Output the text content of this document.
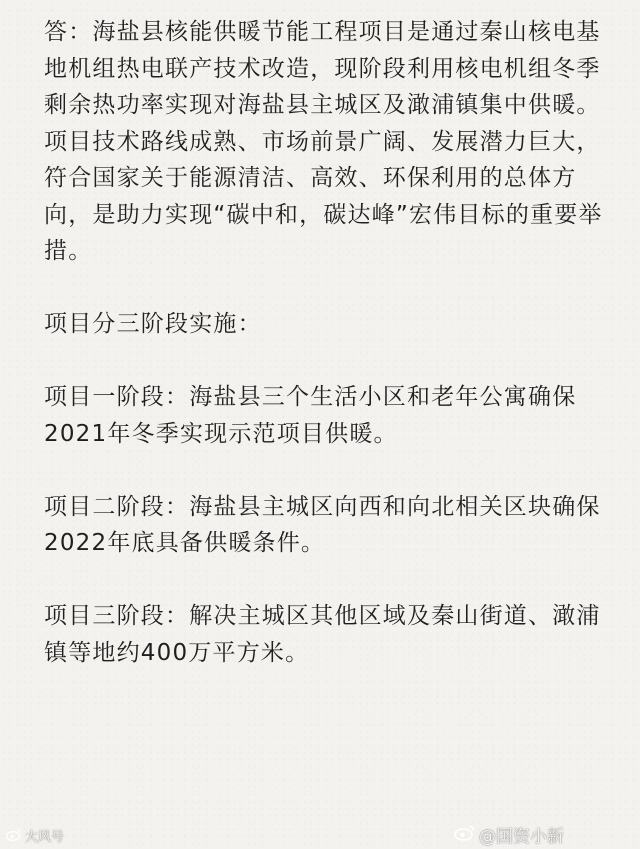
答：海盐县核能供暖节能工程项目是通过秦山核电基地机组热电联产技术改造，现阶段利用核电机组冬季剩余热功率实现对海盐县主城区及澉浦镇集中供暖。项目技术路线成熟、市场前景广阔、发展潜力巨大，符合国家关于能源清洁、高效、环保利用的总体方向，是助力实现“碳中和，碳达峰”宏伟目标的重要举措。

项目分三阶段实施：

项目一阶段：海盐县三个生活小区和老年公寓确保2021年冬季实现示范项目供暖。

项目二阶段：海盐县主城区向西和向北相关区块确保2022年底具备供暖条件。

项目三阶段：解决主城区其他区域及秦山街道、澉浦镇等地约400万平方米。

大风号	@国资小新
